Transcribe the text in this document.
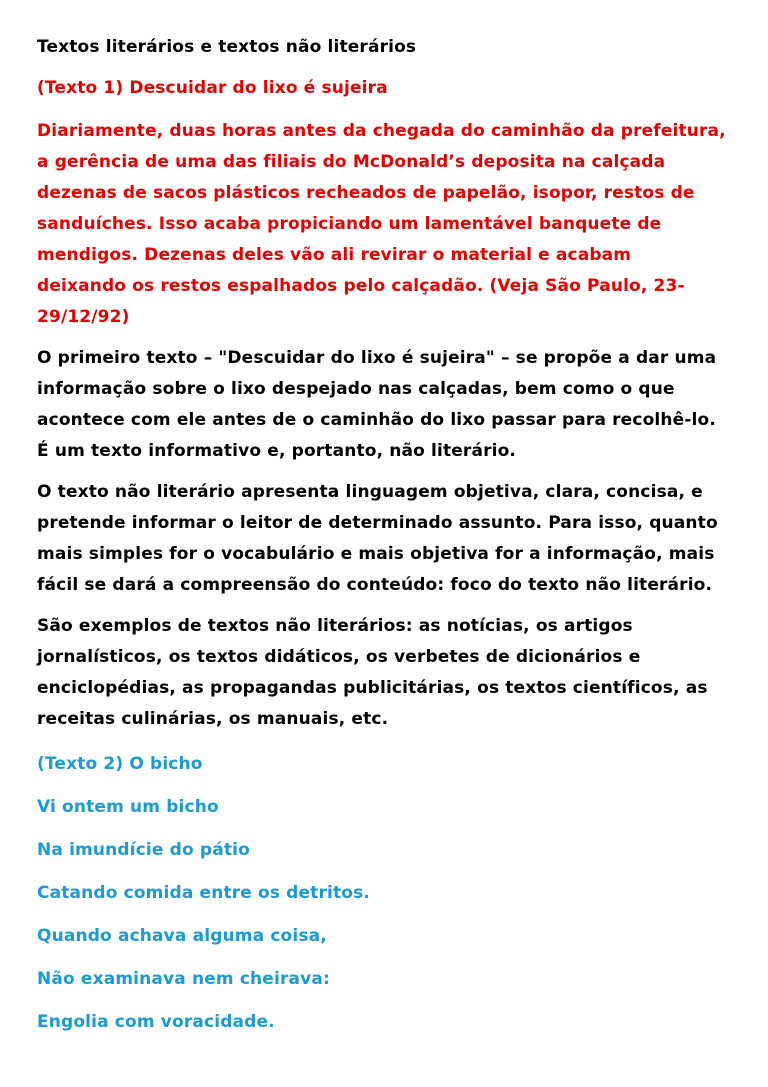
Textos literários e textos não literários
(Texto 1) Descuidar do lixo é sujeira
Diariamente, duas horas antes da chegada do caminhão da prefeitura,
a gerência de uma das filiais do McDonald’s deposita na calçada
dezenas de sacos plásticos recheados de papelão, isopor, restos de
sanduíches. Isso acaba propiciando um lamentável banquete de
mendigos. Dezenas deles vão ali revirar o material e acabam
deixando os restos espalhados pelo calçadão. (Veja São Paulo, 23-
29/12/92)
O primeiro texto – "Descuidar do lixo é sujeira" – se propõe a dar uma
informação sobre o lixo despejado nas calçadas, bem como o que
acontece com ele antes de o caminhão do lixo passar para recolhê-lo.
É um texto informativo e, portanto, não literário.
O texto não literário apresenta linguagem objetiva, clara, concisa, e
pretende informar o leitor de determinado assunto. Para isso, quanto
mais simples for o vocabulário e mais objetiva for a informação, mais
fácil se dará a compreensão do conteúdo: foco do texto não literário.
São exemplos de textos não literários: as notícias, os artigos
jornalísticos, os textos didáticos, os verbetes de dicionários e
enciclopédias, as propagandas publicitárias, os textos científicos, as
receitas culinárias, os manuais, etc.
(Texto 2) O bicho
Vi ontem um bicho
Na imundície do pátio
Catando comida entre os detritos.
Quando achava alguma coisa,
Não examinava nem cheirava:
Engolia com voracidade.
